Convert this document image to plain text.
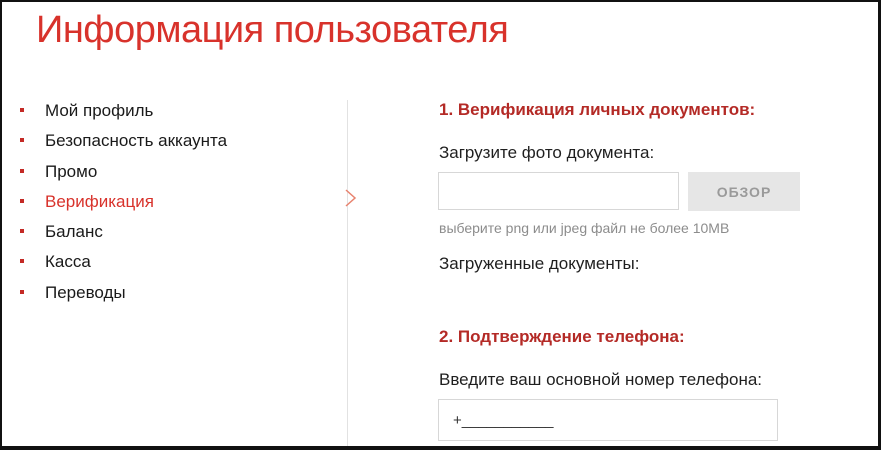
Информация пользователя
Мой профиль
Безопасность аккаунта
Промо
Верификация
Баланс
Касса
Переводы
1. Верификация личных документов:
Загрузите фото документа:
ОБЗОР
выберите png или jpeg файл не более 10MB
Загруженные документы:
2. Подтверждение телефона:
Введите ваш основной номер телефона:
+___________
